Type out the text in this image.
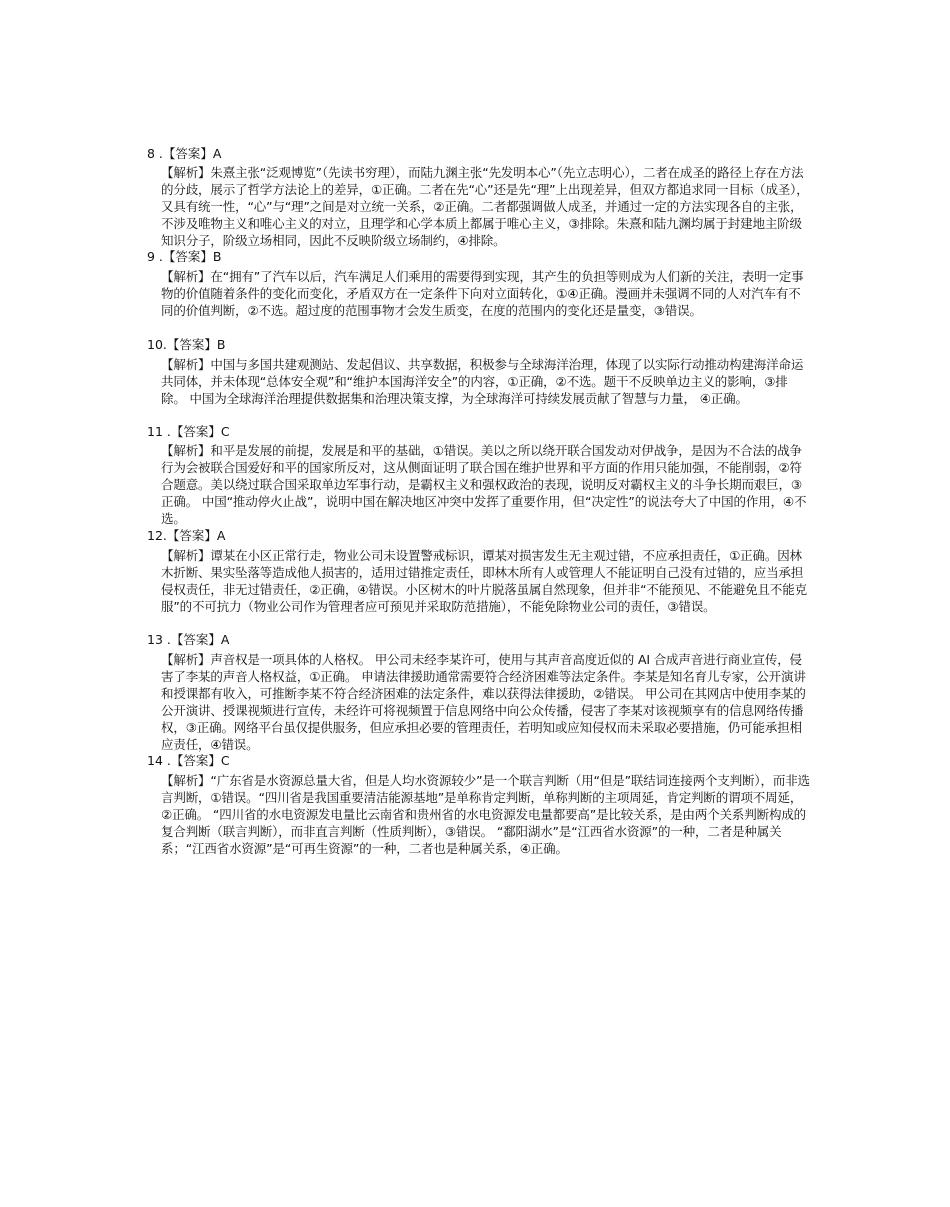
8 .【答案】A
【解析】朱熹主张“泛观博览”（先读书穷理），而陆九渊主张“先发明本心”（先立志明心），二者在成圣的路径上存在方法的分歧，展示了哲学方法论上的差异，①正确。二者在先“心”还是先“理”上出现差异，但双方都追求同一目标（成圣），又具有统一性，“心”与“理”之间是对立统一关系，②正确。二者都强调做人成圣，并通过一定的方法实现各自的主张，不涉及唯物主义和唯心主义的对立，且理学和心学本质上都属于唯心主义，③排除。朱熹和陆九渊均属于封建地主阶级知识分子，阶级立场相同，因此不反映阶级立场制约，④排除。
9 .【答案】B
【解析】在“拥有”了汽车以后，汽车满足人们乘用的需要得到实现，其产生的负担等则成为人们新的关注，表明一定事物的价值随着条件的变化而变化，矛盾双方在一定条件下向对立面转化，①④正确。漫画并未强调不同的人对汽车有不同的价值判断，②不选。超过度的范围事物才会发生质变，在度的范围内的变化还是量变，③错误。
10.【答案】B
【解析】中国与多国共建观测站、发起倡议、共享数据，积极参与全球海洋治理，体现了以实际行动推动构建海洋命运共同体，并未体现“总体安全观”和“维护本国海洋安全”的内容，①正确，②不选。题干不反映单边主义的影响，③排除。 中国为全球海洋治理提供数据集和治理决策支撑，为全球海洋可持续发展贡献了智慧与力量， ④正确。
11 .【答案】C
【解析】和平是发展的前提，发展是和平的基础，①错误。美以之所以绕开联合国发动对伊战争，是因为不合法的战争行为会被联合国爱好和平的国家所反对，这从侧面证明了联合国在维护世界和平方面的作用只能加强，不能削弱，②符合题意。美以绕过联合国采取单边军事行动，是霸权主义和强权政治的表现，说明反对霸权主义的斗争长期而艰巨，③正确。 中国“推动停火止战”，说明中国在解决地区冲突中发挥了重要作用，但“决定性”的说法夸大了中国的作用，④不选。
12.【答案】A
【解析】谭某在小区正常行走，物业公司未设置警戒标识，谭某对损害发生无主观过错，不应承担责任，①正确。因林木折断、果实坠落等造成他人损害的，适用过错推定责任，即林木所有人或管理人不能证明自己没有过错的，应当承担侵权责任，非无过错责任，②正确，④错误。小区树木的叶片脱落虽属自然现象，但并非“不能预见、不能避免且不能克服”的不可抗力（物业公司作为管理者应可预见并采取防范措施），不能免除物业公司的责任，③错误。
13 .【答案】A
【解析】声音权是一项具体的人格权。 甲公司未经李某许可，使用与其声音高度近似的 AI 合成声音进行商业宣传，侵害了李某的声音人格权益，①正确。 申请法律援助通常需要符合经济困难等法定条件。李某是知名育儿专家，公开演讲和授课都有收入，可推断李某不符合经济困难的法定条件，难以获得法律援助，②错误。 甲公司在其网店中使用李某的公开演讲、授课视频进行宣传，未经许可将视频置于信息网络中向公众传播，侵害了李某对该视频享有的信息网络传播权，③正确。网络平台虽仅提供服务，但应承担必要的管理责任，若明知或应知侵权而未采取必要措施，仍可能承担相应责任，④错误。
14 .【答案】C
【解析】“广东省是水资源总量大省，但是人均水资源较少”是一个联言判断（用“但是”联结词连接两个支判断），而非选言判断，①错误。“四川省是我国重要清洁能源基地”是单称肯定判断，单称判断的主项周延，肯定判断的谓项不周延，②正确。 “四川省的水电资源发电量比云南省和贵州省的水电资源发电量都要高”是比较关系，是由两个关系判断构成的复合判断（联言判断），而非直言判断（性质判断），③错误。 “鄱阳湖水”是“江西省水资源”的一种，二者是种属关系；“江西省水资源”是“可再生资源”的一种，二者也是种属关系，④正确。
